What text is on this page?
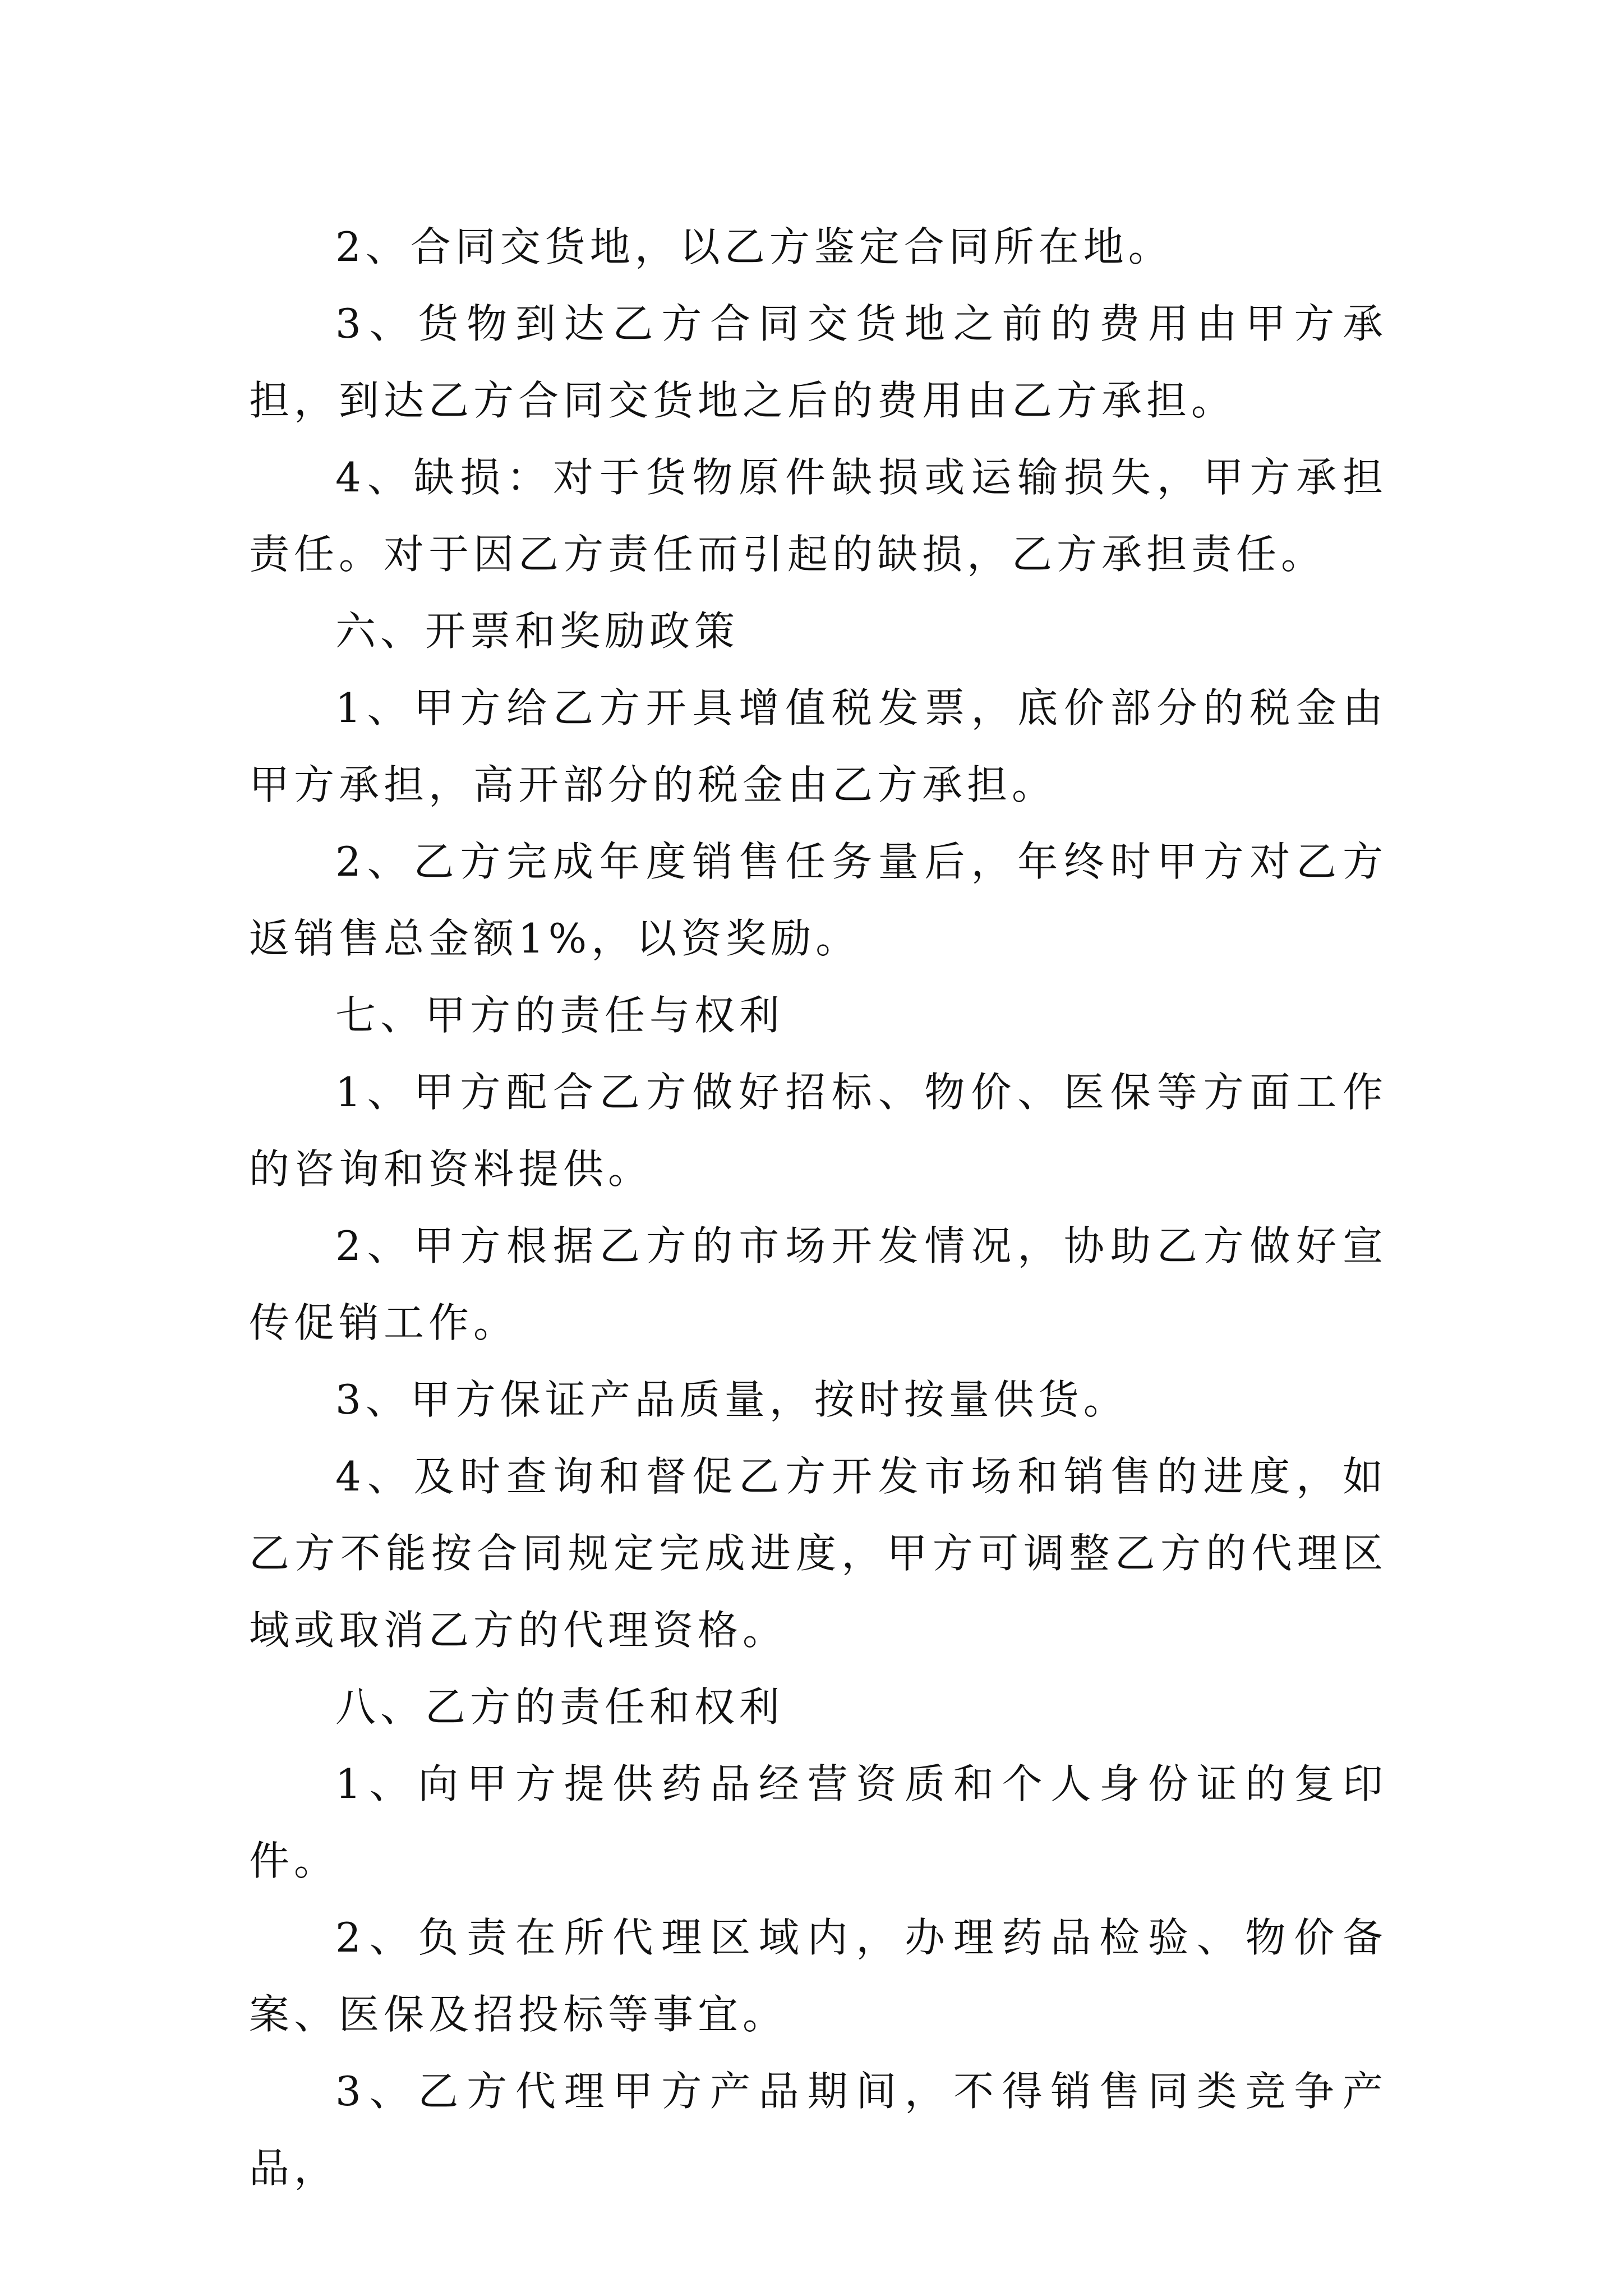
2、合同交货地，以乙方鉴定合同所在地。

3、货物到达乙方合同交货地之前的费用由甲方承担，到达乙方合同交货地之后的费用由乙方承担。

4、缺损：对于货物原件缺损或运输损失，甲方承担责任。对于因乙方责任而引起的缺损，乙方承担责任。

六、开票和奖励政策

1、甲方给乙方开具增值税发票，底价部分的税金由甲方承担，高开部分的税金由乙方承担。

2、乙方完成年度销售任务量后，年终时甲方对乙方返销售总金额1%，以资奖励。

七、甲方的责任与权利

1、甲方配合乙方做好招标、物价、医保等方面工作的咨询和资料提供。

2、甲方根据乙方的市场开发情况，协助乙方做好宣传促销工作。

3、甲方保证产品质量，按时按量供货。

4、及时查询和督促乙方开发市场和销售的进度，如乙方不能按合同规定完成进度，甲方可调整乙方的代理区域或取消乙方的代理资格。

八、乙方的责任和权利

1、向甲方提供药品经营资质和个人身份证的复印件。

2、负责在所代理区域内，办理药品检验、物价备案、医保及招投标等事宜。

3、乙方代理甲方产品期间，不得销售同类竞争产品，
